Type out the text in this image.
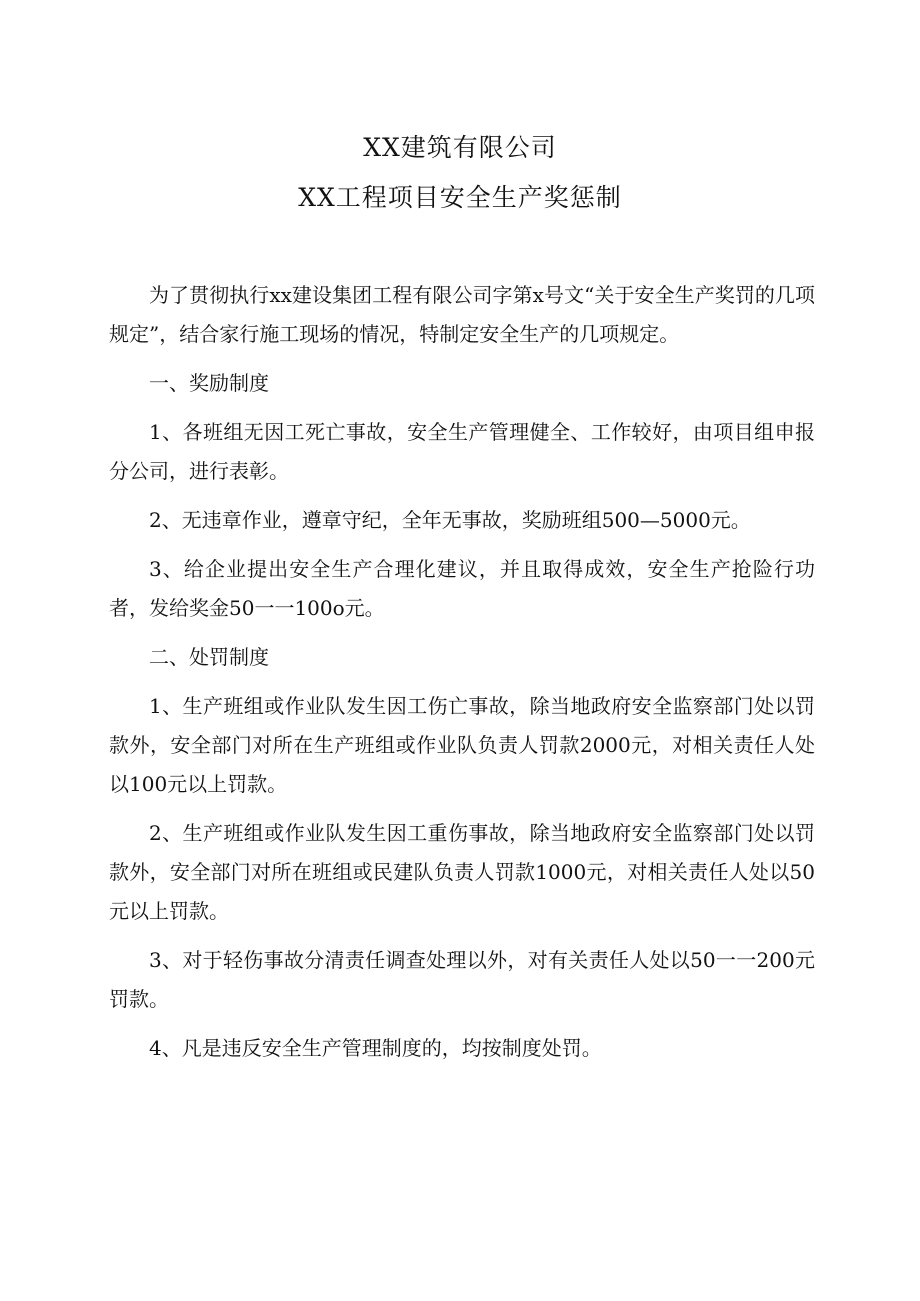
XX建筑有限公司
XX工程项目安全生产奖惩制

为了贯彻执行xx建设集团工程有限公司字第x号文“关于安全生产奖罚的几项规定”，结合家行施工现场的情况，特制定安全生产的几项规定。

一、奖励制度

1、各班组无因工死亡事故，安全生产管理健全、工作较好，由项目组申报分公司，进行表彰。

2、无违章作业，遵章守纪，全年无事故，奖励班组500—5000元。

3、给企业提出安全生产合理化建议，并且取得成效，安全生产抢险行功者，发给奖金50一一100o元。

二、处罚制度

1、生产班组或作业队发生因工伤亡事故，除当地政府安全监察部门处以罚款外，安全部门对所在生产班组或作业队负责人罚款2000元，对相关责任人处以100元以上罚款。

2、生产班组或作业队发生因工重伤事故，除当地政府安全监察部门处以罚款外，安全部门对所在班组或民建队负责人罚款1000元，对相关责任人处以50元以上罚款。

3、对于轻伤事故分清责任调查处理以外，对有关责任人处以50一一200元罚款。

4、凡是违反安全生产管理制度的，均按制度处罚。
